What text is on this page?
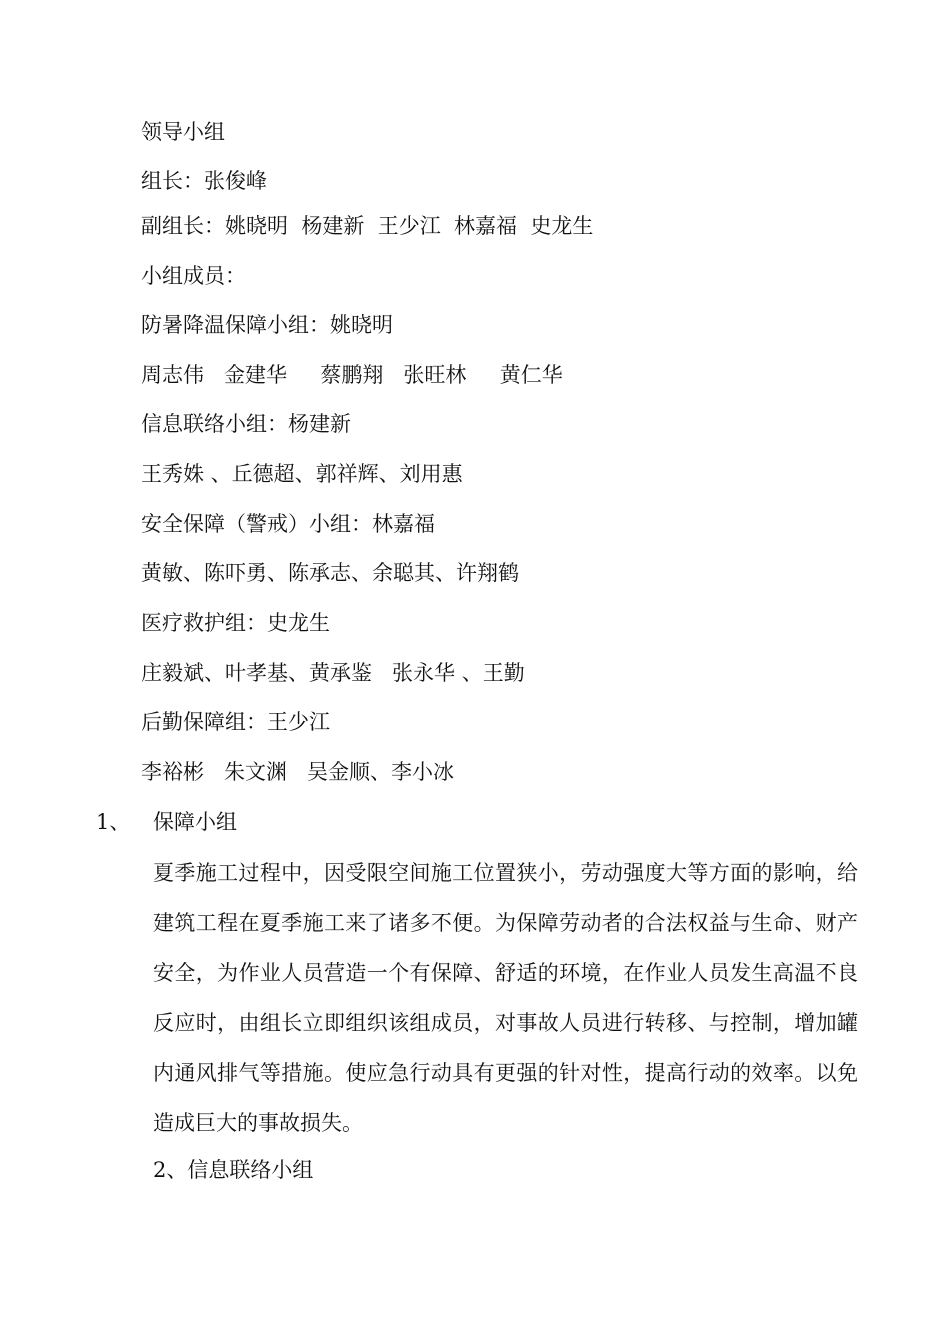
领导小组
组长：张俊峰
副组长：姚晓明  杨建新  王少江  林嘉福  史龙生
小组成员：
防暑降温保障小组：姚晓明
周志伟   金建华     蔡鹏翔   张旺林     黄仁华
信息联络小组：杨建新
王秀姝 、丘德超、郭祥辉、刘用惠
安全保障（警戒）小组：林嘉福
黄敏、陈吓勇、陈承志、余聪其、许翔鹤
医疗救护组：史龙生
庄毅斌、叶孝基、黄承鉴   张永华 、王勤
后勤保障组：王少江
李裕彬   朱文渊   吴金顺、李小冰
1、 保障小组
夏季施工过程中，因受限空间施工位置狭小，劳动强度大等方面的影响，给建筑工程在夏季施工来了诸多不便。为保障劳动者的合法权益与生命、财产安全，为作业人员营造一个有保障、舒适的环境，在作业人员发生高温不良反应时，由组长立即组织该组成员，对事故人员进行转移、与控制，增加罐内通风排气等措施。使应急行动具有更强的针对性，提高行动的效率。以免造成巨大的事故损失。
2、信息联络小组
